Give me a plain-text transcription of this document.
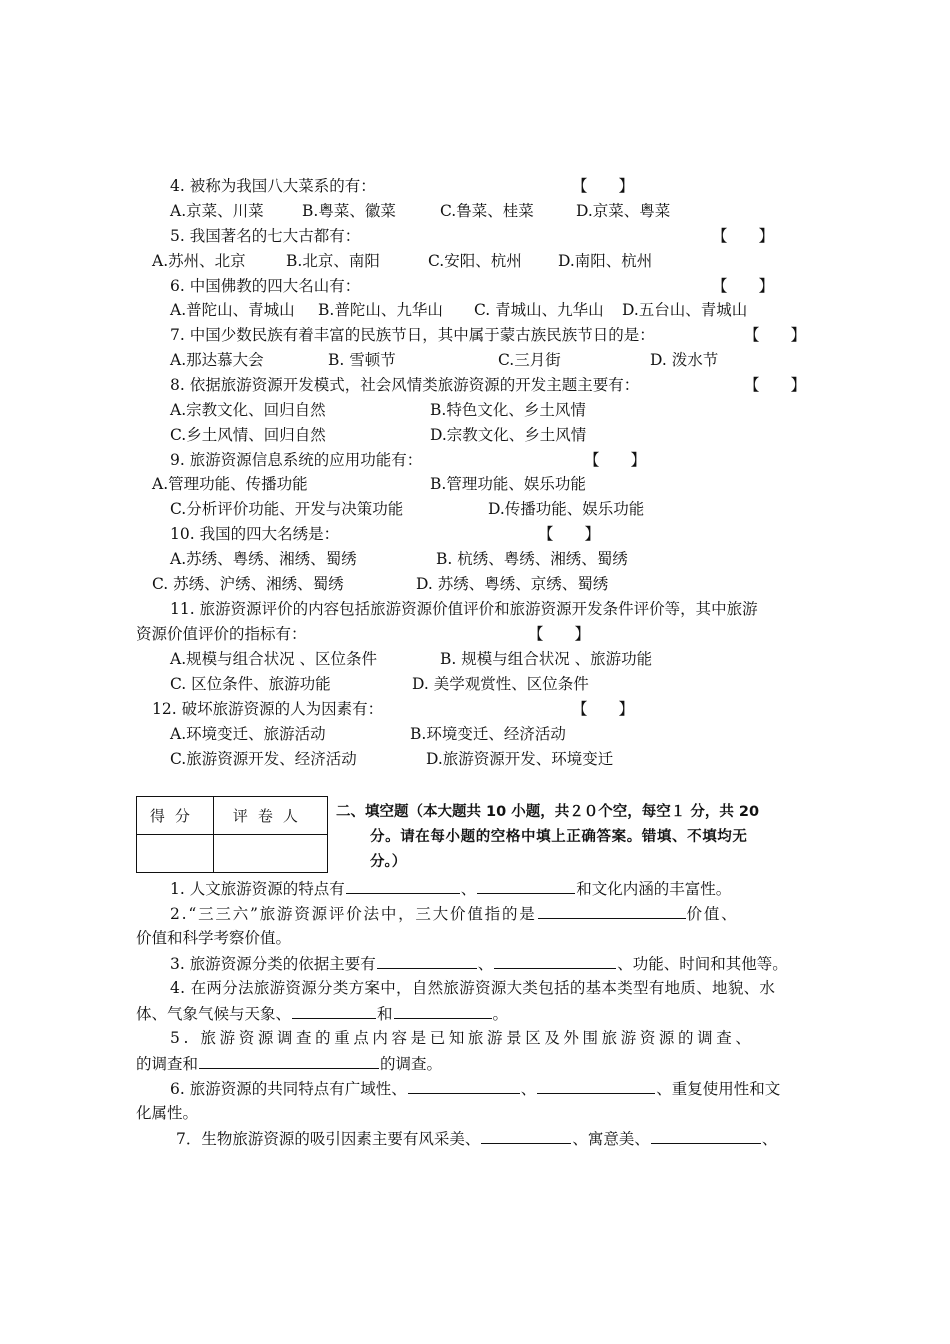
4. 被称为我国八大菜系的有：	【　　】
A.京菜、川菜 B.粤菜、徽菜	C.鲁菜、桂菜	D.京菜、粤菜
5. 我国著名的七大古都有：	【　　】
A.苏州、北京	B.北京、南阳	C.安阳、杭州 D.南阳、杭州
6. 中国佛教的四大名山有：	【　　】
A.普陀山、青城山 B.普陀山、九华山 C. 青城山、九华山 D.五台山、青城山
7. 中国少数民族有着丰富的民族节日，其中属于蒙古族民族节日的是：	【　　】
A.那达慕大会	B. 雪顿节	C.三月街	D. 泼水节
8. 依据旅游资源开发模式，社会风情类旅游资源的开发主题主要有：	【　　】
A.宗教文化、回归自然	B.特色文化、乡土风情
C.乡土风情、回归自然	D.宗教文化、乡土风情
9. 旅游资源信息系统的应用功能有：	【　　】
A.管理功能、传播功能	B.管理功能、娱乐功能
C.分析评价功能、开发与决策功能	D.传播功能、娱乐功能
10. 我国的四大名绣是：	【　　】
A.苏绣、粤绣、湘绣、蜀绣	B. 杭绣、粤绣、湘绣、蜀绣
C. 苏绣、沪绣、湘绣、蜀绣	D. 苏绣、粤绣、京绣、蜀绣
11. 旅游资源评价的内容包括旅游资源价值评价和旅游资源开发条件评价等，其中旅游
资源价值评价的指标有：	【　　】
A.规模与组合状况 、区位条件	B. 规模与组合状况 、旅游功能
C. 区位条件、旅游功能	D. 美学观赏性、区位条件
12. 破坏旅游资源的人为因素有：	【　　】
A.环境变迁、旅游活动	B.环境变迁、经济活动
C.旅游资源开发、经济活动	D.旅游资源开发、环境变迁
得分	评卷人
	二、填空题（本大题共 10 小题，共２０个空，每空１ 分，共 20
分。请在每小题的空格中填上正确答案。错填、不填均无
分。）
1. 人文旅游资源的特点有	、	和文化内涵的丰富性。
2.“三三六”旅游资源评价法中，三大价值指的是	价值、
价值和科学考察价值。
3. 旅游资源分类的依据主要有	、	、功能、时间和其他等。
4. 在两分法旅游资源分类方案中，自然旅游资源大类包括的基本类型有地质、地貌、水
体、气象气候与天象、	和	。
5. 旅游资源调查的重点内容是已知旅游景区及外围旅游资源的调查、
的调查和	的调查。
6. 旅游资源的共同特点有广域性、	、	、重复使用性和文
化属性。
7．生物旅游资源的吸引因素主要有风采美、	、寓意美、	、
